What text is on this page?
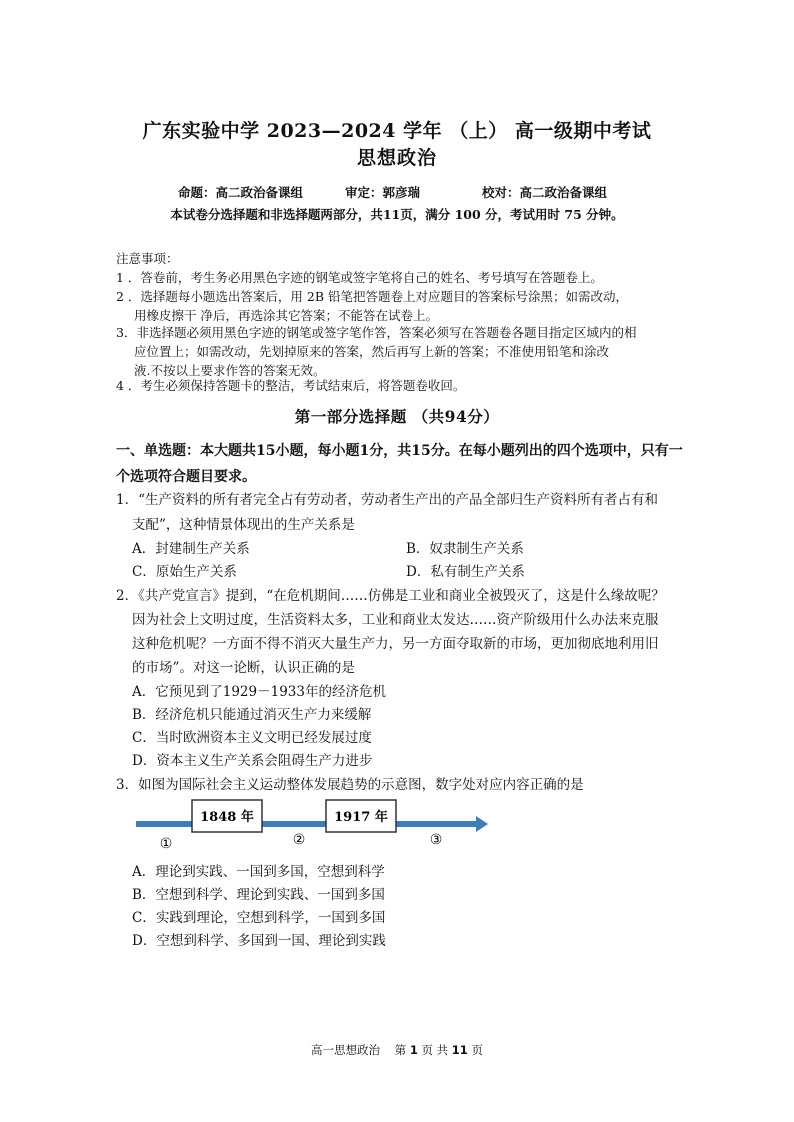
广东实验中学 2023—2024 学年 （上） 高一级期中考试
思想政治
命题：高二政治备课组	审定：郭彦瑞	校对：高二政治备课组
本试卷分选择题和非选择题两部分，共11页，满分 100 分，考试用时 75 分钟。
注意事项：
1 ．答卷前，考生务必用黑色字迹的钢笔或签字笔将自己的姓名、考号填写在答题卷上。
2 ．选择题每小题选出答案后，用 2B 铅笔把答题卷上对应题目的答案标号涂黑；如需改动，
用橡皮擦干 净后，再选涂其它答案；不能答在试卷上。
3．非选择题必须用黑色字迹的钢笔或签字笔作答，答案必须写在答题卷各题目指定区域内的相
应位置上；如需改动，先划掉原来的答案，然后再写上新的答案；不准使用铅笔和涂改
液.不按以上要求作答的答案无效。
4 ．考生必须保持答题卡的整洁，考试结束后，将答题卷收回。
第一部分选择题 （共94分）
一、单选题：本大题共15小题，每小题1分，共15分。在每小题列出的四个选项中，只有一
个选项符合题目要求。
1．“生产资料的所有者完全占有劳动者，劳动者生产出的产品全部归生产资料所有者占有和
支配”，这种情景体现出的生产关系是
A．封建制生产关系	B．奴隶制生产关系
C．原始生产关系	D．私有制生产关系
2．《共产党宣言》提到，“在危机期间……仿佛是工业和商业全被毁灭了，这是什么缘故呢？
因为社会上文明过度，生活资料太多，工业和商业太发达……资产阶级用什么办法来克服
这种危机呢？一方面不得不消灭大量生产力，另一方面夺取新的市场，更加彻底地利用旧
的市场”。对这一论断，认识正确的是
A．它预见到了1929－1933年的经济危机
B．经济危机只能通过消灭生产力来缓解
C．当时欧洲资本主义文明已经发展过度
D．资本主义生产关系会阻碍生产力进步
3．如图为国际社会主义运动整体发展趋势的示意图，数字处对应内容正确的是
1848 年	1917 年
①	②	③
A．理论到实践、一国到多国，空想到科学
B．空想到科学、理论到实践、一国到多国
C．实践到理论，空想到科学，一国到多国
D．空想到科学、多国到一国、理论到实践
高一思想政治 第 1 页 共 11 页
